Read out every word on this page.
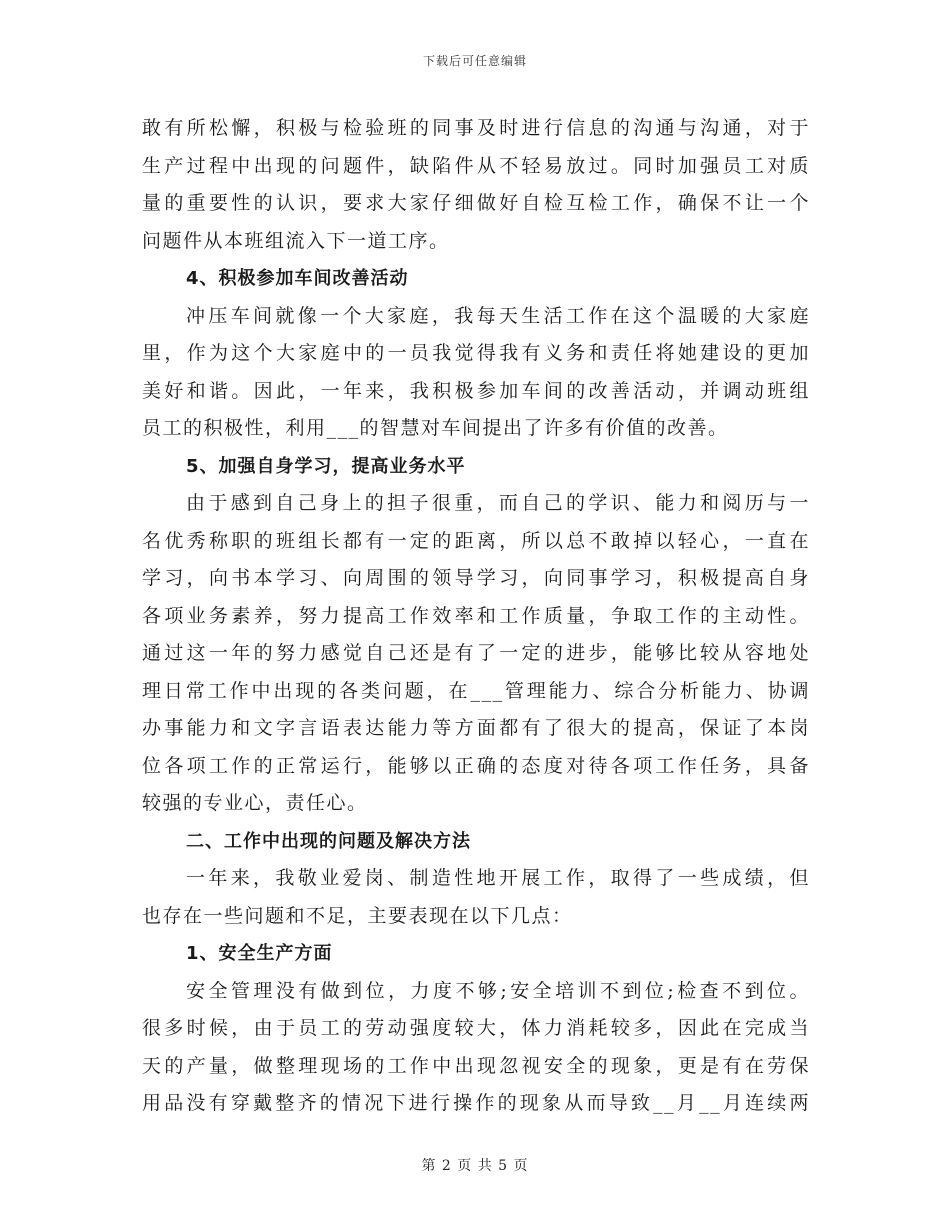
下载后可任意编辑
敢有所松懈，积极与检验班的同事及时进行信息的沟通与沟通，对于
生产过程中出现的问题件，缺陷件从不轻易放过。同时加强员工对质
量的重要性的认识，要求大家仔细做好自检互检工作，确保不让一个
问题件从本班组流入下一道工序。
4、积极参加车间改善活动
冲压车间就像一个大家庭，我每天生活工作在这个温暖的大家庭
里，作为这个大家庭中的一员我觉得我有义务和责任将她建设的更加
美好和谐。因此，一年来，我积极参加车间的改善活动，并调动班组
员工的积极性，利用___的智慧对车间提出了许多有价值的改善。
5、加强自身学习，提高业务水平
由于感到自己身上的担子很重，而自己的学识、能力和阅历与一
名优秀称职的班组长都有一定的距离，所以总不敢掉以轻心，一直在
学习，向书本学习、向周围的领导学习，向同事学习，积极提高自身
各项业务素养，努力提高工作效率和工作质量，争取工作的主动性。
通过这一年的努力感觉自己还是有了一定的进步，能够比较从容地处
理日常工作中出现的各类问题，在___管理能力、综合分析能力、协调
办事能力和文字言语表达能力等方面都有了很大的提高，保证了本岗
位各项工作的正常运行，能够以正确的态度对待各项工作任务，具备
较强的专业心，责任心。
二、工作中出现的问题及解决方法
一年来，我敬业爱岗、制造性地开展工作，取得了一些成绩，但
也存在一些问题和不足，主要表现在以下几点：
1、安全生产方面
安全管理没有做到位，力度不够;安全培训不到位;检查不到位。
很多时候，由于员工的劳动强度较大，体力消耗较多，因此在完成当
天的产量，做整理现场的工作中出现忽视安全的现象，更是有在劳保
用品没有穿戴整齐的情况下进行操作的现象从而导致__月__月连续两
第 2 页 共 5 页
